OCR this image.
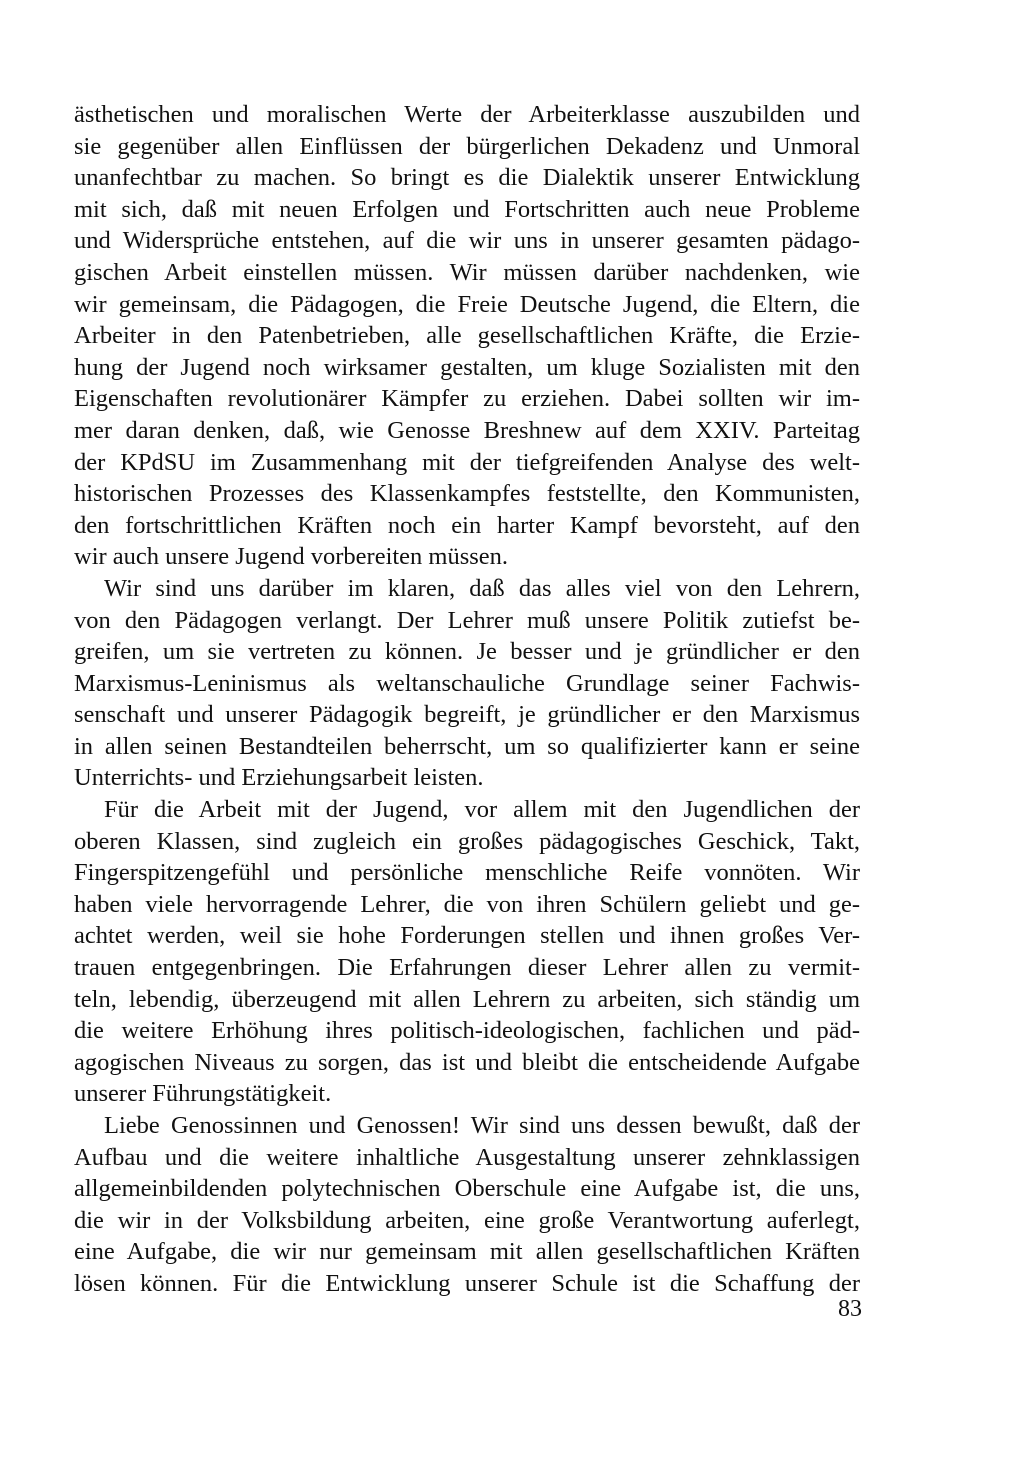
ästhetischen und moralischen Werte der Arbeiterklasse auszubilden und
sie gegenüber allen Einflüssen der bürgerlichen Dekadenz und Unmoral
unanfechtbar zu machen. So bringt es die Dialektik unserer Entwicklung
mit sich, daß mit neuen Erfolgen und Fortschritten auch neue Probleme
und Widersprüche entstehen, auf die wir uns in unserer gesamten pädago-
gischen Arbeit einstellen müssen. Wir müssen darüber nachdenken, wie
wir gemeinsam, die Pädagogen, die Freie Deutsche Jugend, die Eltern, die
Arbeiter in den Patenbetrieben, alle gesellschaftlichen Kräfte, die Erzie-
hung der Jugend noch wirksamer gestalten, um kluge Sozialisten mit den
Eigenschaften revolutionärer Kämpfer zu erziehen. Dabei sollten wir im-
mer daran denken, daß, wie Genosse Breshnew auf dem XXIV. Parteitag
der KPdSU im Zusammenhang mit der tiefgreifenden Analyse des welt-
historischen Prozesses des Klassenkampfes feststellte, den Kommunisten,
den fortschrittlichen Kräften noch ein harter Kampf bevorsteht, auf den
wir auch unsere Jugend vorbereiten müssen.
Wir sind uns darüber im klaren, daß das alles viel von den Lehrern,
von den Pädagogen verlangt. Der Lehrer muß unsere Politik zutiefst be-
greifen, um sie vertreten zu können. Je besser und je gründlicher er den
Marxismus-Leninismus als weltanschauliche Grundlage seiner Fachwis-
senschaft und unserer Pädagogik begreift, je gründlicher er den Marxismus
in allen seinen Bestandteilen beherrscht, um so qualifizierter kann er seine
Unterrichts- und Erziehungsarbeit leisten.
Für die Arbeit mit der Jugend, vor allem mit den Jugendlichen der
oberen Klassen, sind zugleich ein großes pädagogisches Geschick, Takt,
Fingerspitzengefühl und persönliche menschliche Reife vonnöten. Wir
haben viele hervorragende Lehrer, die von ihren Schülern geliebt und ge-
achtet werden, weil sie hohe Forderungen stellen und ihnen großes Ver-
trauen entgegenbringen. Die Erfahrungen dieser Lehrer allen zu vermit-
teln, lebendig, überzeugend mit allen Lehrern zu arbeiten, sich ständig um
die weitere Erhöhung ihres politisch-ideologischen, fachlichen und päd-
agogischen Niveaus zu sorgen, das ist und bleibt die entscheidende Aufgabe
unserer Führungstätigkeit.
Liebe Genossinnen und Genossen! Wir sind uns dessen bewußt, daß der
Aufbau und die weitere inhaltliche Ausgestaltung unserer zehnklassigen
allgemeinbildenden polytechnischen Oberschule eine Aufgabe ist, die uns,
die wir in der Volksbildung arbeiten, eine große Verantwortung auferlegt,
eine Aufgabe, die wir nur gemeinsam mit allen gesellschaftlichen Kräften
lösen können. Für die Entwicklung unserer Schule ist die Schaffung der
83
